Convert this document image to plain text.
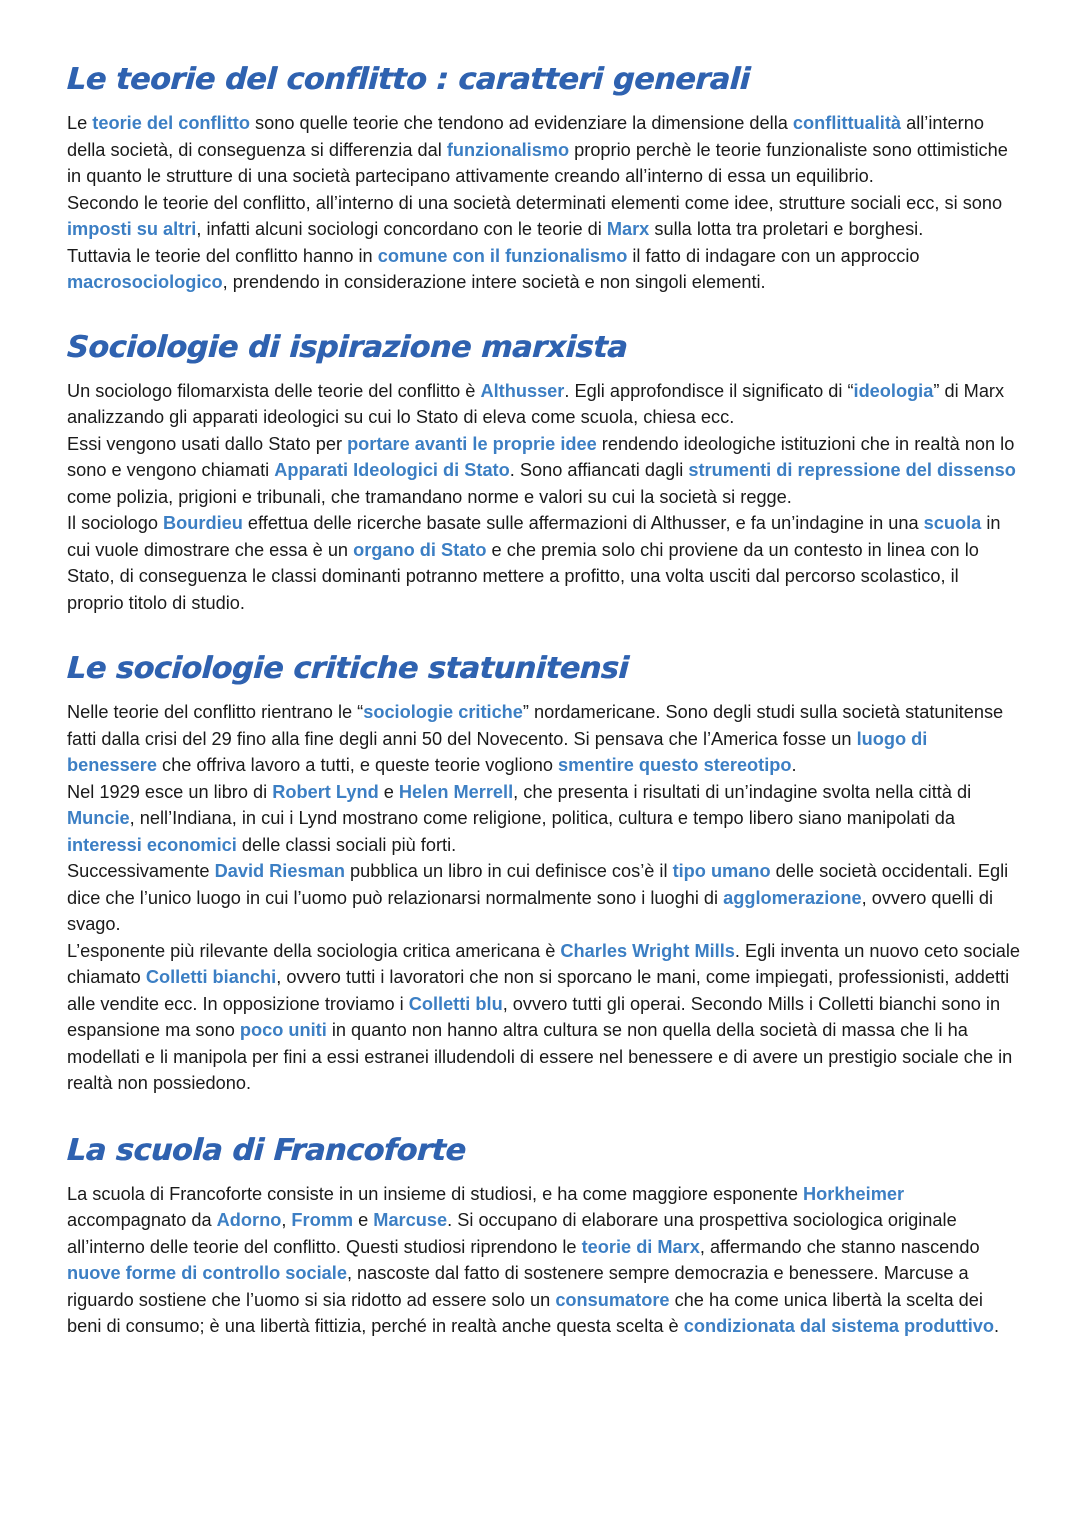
Le teorie del conflitto : caratteri generali

Le teorie del conflitto sono quelle teorie che tendono ad evidenziare la dimensione della conflittualità all’interno della società, di conseguenza si differenzia dal funzionalismo proprio perchè le teorie funzionaliste sono ottimistiche in quanto le strutture di una società partecipano attivamente creando all’interno di essa un equilibrio.

Secondo le teorie del conflitto, all’interno di una società determinati elementi come idee, strutture sociali ecc, si sono imposti su altri, infatti alcuni sociologi concordano con le teorie di Marx sulla lotta tra proletari e borghesi.

Tuttavia le teorie del conflitto hanno in comune con il funzionalismo il fatto di indagare con un approccio macrosociologico, prendendo in considerazione intere società e non singoli elementi.

Sociologie di ispirazione marxista

Un sociologo filomarxista delle teorie del conflitto è Althusser. Egli approfondisce il significato di “ideologia” di Marx analizzando gli apparati ideologici su cui lo Stato di eleva come scuola, chiesa ecc.

Essi vengono usati dallo Stato per portare avanti le proprie idee rendendo ideologiche istituzioni che in realtà non lo sono e vengono chiamati Apparati Ideologici di Stato. Sono affiancati dagli strumenti di repressione del dissenso come polizia, prigioni e tribunali, che tramandano norme e valori su cui la società si regge.

Il sociologo Bourdieu effettua delle ricerche basate sulle affermazioni di Althusser, e fa un’indagine in una scuola in cui vuole dimostrare che essa è un organo di Stato e che premia solo chi proviene da un contesto in linea con lo Stato, di conseguenza le classi dominanti potranno mettere a profitto, una volta usciti dal percorso scolastico, il proprio titolo di studio.

Le sociologie critiche statunitensi

Nelle teorie del conflitto rientrano le “sociologie critiche” nordamericane. Sono degli studi sulla società statunitense fatti dalla crisi del 29 fino alla fine degli anni 50 del Novecento. Si pensava che l’America fosse un luogo di benessere che offriva lavoro a tutti, e queste teorie vogliono smentire questo stereotipo.

Nel 1929 esce un libro di Robert Lynd e Helen Merrell, che presenta i risultati di un’indagine svolta nella città di Muncie, nell’Indiana, in cui i Lynd mostrano come religione, politica, cultura e tempo libero siano manipolati da interessi economici delle classi sociali più forti.

Successivamente David Riesman pubblica un libro in cui definisce cos’è il tipo umano delle società occidentali. Egli dice che l’unico luogo in cui l’uomo può relazionarsi normalmente sono i luoghi di agglomerazione, ovvero quelli di svago.

L’esponente più rilevante della sociologia critica americana è Charles Wright Mills. Egli inventa un nuovo ceto sociale chiamato Colletti bianchi, ovvero tutti i lavoratori che non si sporcano le mani, come impiegati, professionisti, addetti alle vendite ecc. In opposizione troviamo i Colletti blu, ovvero tutti gli operai. Secondo Mills i Colletti bianchi sono in espansione ma sono poco uniti in quanto non hanno altra cultura se non quella della società di massa che li ha modellati e li manipola per fini a essi estranei illudendoli di essere nel benessere e di avere un prestigio sociale che in realtà non possiedono.

La scuola di Francoforte

La scuola di Francoforte consiste in un insieme di studiosi, e ha come maggiore esponente Horkheimer accompagnato da Adorno, Fromm e Marcuse. Si occupano di elaborare una prospettiva sociologica originale all’interno delle teorie del conflitto. Questi studiosi riprendono le teorie di Marx, affermando che stanno nascendo nuove forme di controllo sociale, nascoste dal fatto di sostenere sempre democrazia e benessere. Marcuse a riguardo sostiene che l’uomo si sia ridotto ad essere solo un consumatore che ha come unica libertà la scelta dei beni di consumo; è una libertà fittizia, perché in realtà anche questa scelta è condizionata dal sistema produttivo.
